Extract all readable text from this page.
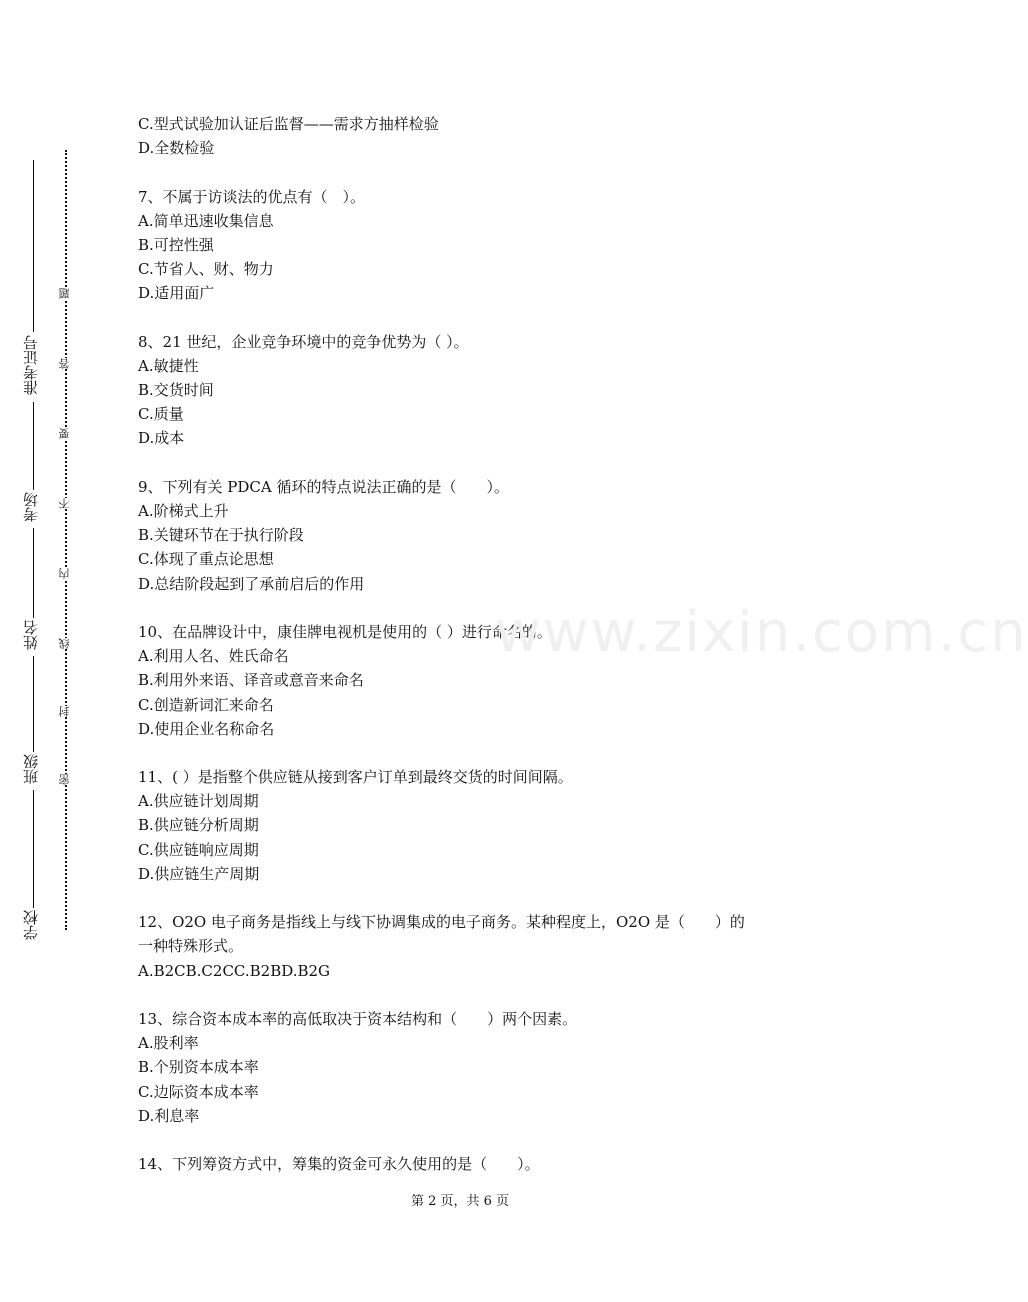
准考证号
考场
姓名
班级
学校
题
答
要
不
内
线
封
密
C.型式试验加认证后监督——需求方抽样检验
D.全数检验
7、不属于访谈法的优点有（　）。
A.简单迅速收集信息
B.可控性强
C.节省人、财、物力
D.适用面广
8、21 世纪，企业竞争环境中的竞争优势为（ ）。
A.敏捷性
B.交货时间
C.质量
D.成本
9、下列有关 PDCA 循环的特点说法正确的是（　　）。
A.阶梯式上升
B.关键环节在于执行阶段
C.体现了重点论思想
D.总结阶段起到了承前启后的作用
10、在品牌设计中，康佳牌电视机是使用的（ ）进行命名的。
A.利用人名、姓氏命名
B.利用外来语、译音或意音来命名
C.创造新词汇来命名
D.使用企业名称命名
11、( ）是指整个供应链从接到客户订单到最终交货的时间间隔。
A.供应链计划周期
B.供应链分析周期
C.供应链响应周期
D.供应链生产周期
12、O2O 电子商务是指线上与线下协调集成的电子商务。某种程度上，O2O 是（　　）的
一种特殊形式。
A.B2CB.C2CC.B2BD.B2G
13、综合资本成本率的高低取决于资本结构和（　　）两个因素。
A.股利率
B.个别资本成本率
C.边际资本成本率
D.利息率
14、下列筹资方式中，筹集的资金可永久使用的是（　　）。
www.zixin.com.cn
第 2 页，共 6 页
